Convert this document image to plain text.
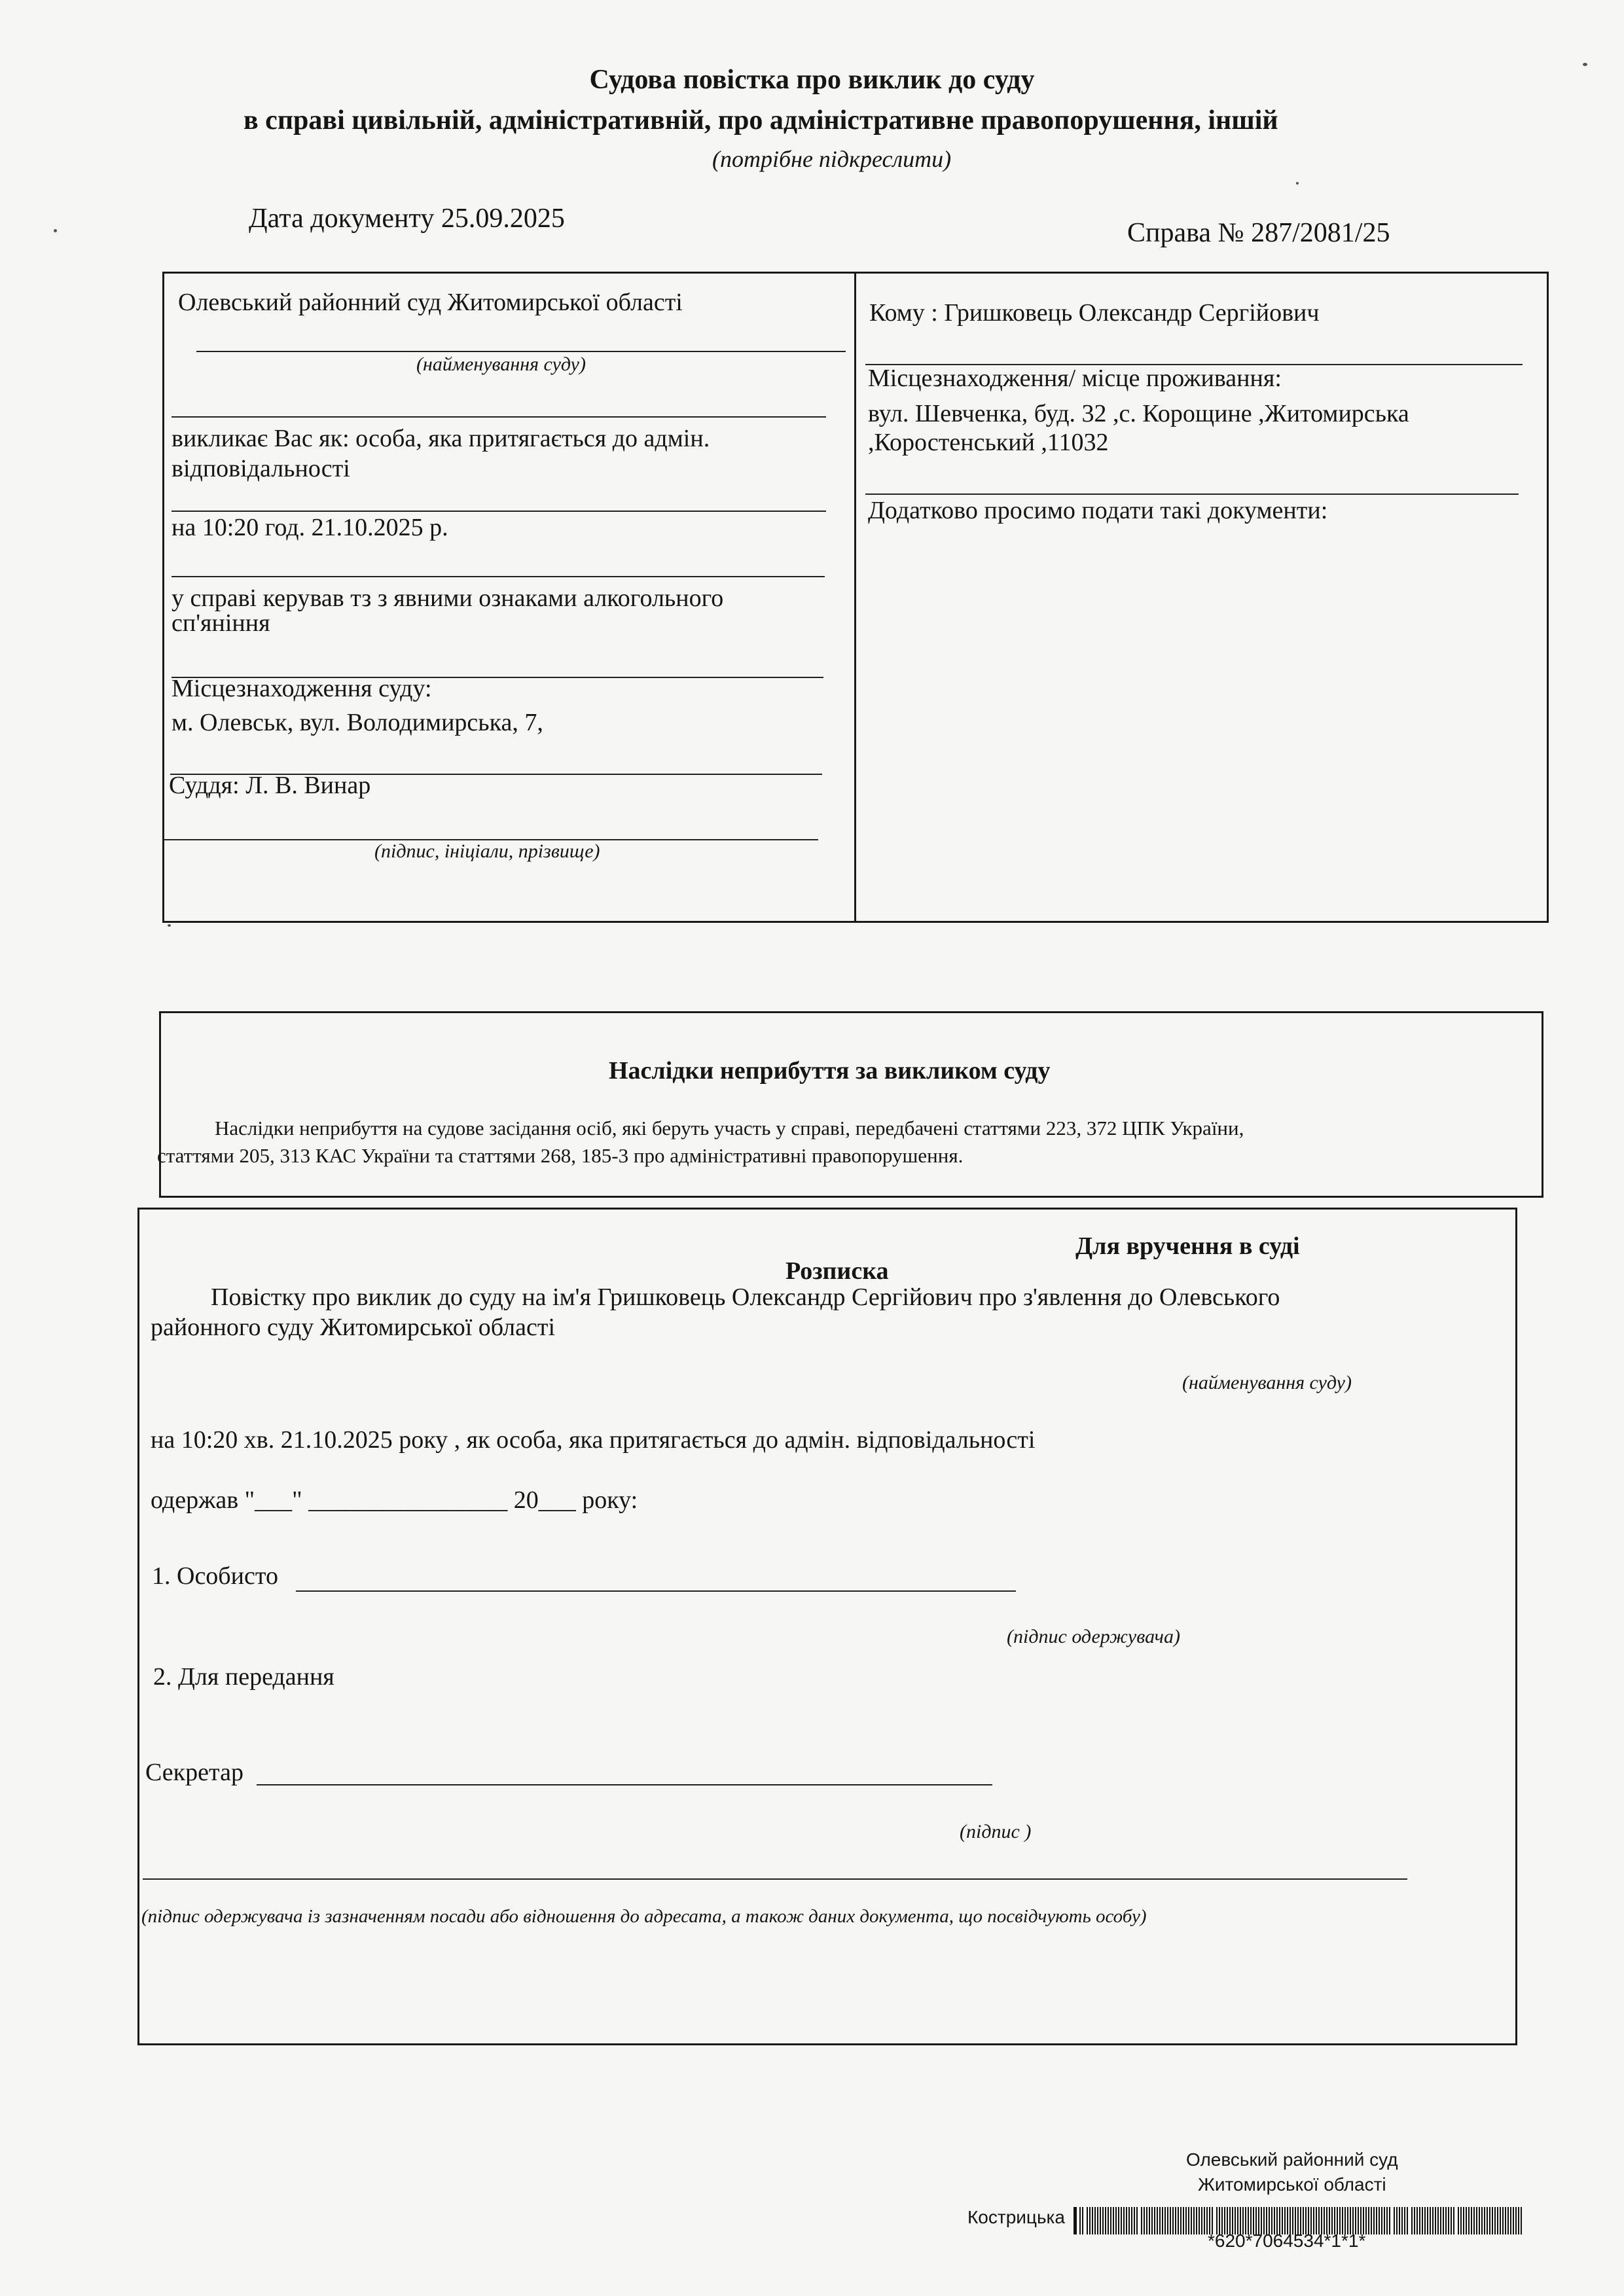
Судова повістка про виклик до суду
в справі цивільній, адміністративній, про адміністративне правопорушення, іншій
(потрібне підкреслити)
Дата документу 25.09.2025	Справа № 287/2081/25
Олевський районний суд Житомирської області
(найменування суду)
викликає Вас як: особа, яка притягається до адмін.
відповідальності
на 10:20 год. 21.10.2025 р.
у справі керував тз з явними ознаками алкогольного
сп'яніння
Місцезнаходження суду:
м. Олевськ, вул. Володимирська, 7,
Суддя: Л. В. Винар
(підпис, ініціали, прізвище)
Кому : Гришковець Олександр Сергійович
Місцезнаходження/ місце проживання:
вул. Шевченка, буд. 32 ,с. Корощине ,Житомирська
,Коростенський ,11032
Додатково просимо подати такі документи:
Наслідки неприбуття за викликом суду
Наслідки неприбуття на судове засідання осіб, які беруть участь у справі, передбачені статтями 223, 372 ЦПК України,
статтями 205, 313 КАС України та статтями 268, 185-3 про адміністративні правопорушення.
Для вручення в суді
Розписка
Повістку про виклик до суду на ім'я Гришковець Олександр Сергійович про з'явлення до Олевського
районного суду Житомирської області
(найменування суду)
на 10:20 хв. 21.10.2025 року , як особа, яка притягається до адмін. відповідальності
одержав "___" ________________ 20___ року:
1. Особисто
(підпис одержувача)
2. Для передання
Секретар
(підпис )
(підпис одержувача із зазначенням посади або відношення до адресата, а також даних документа, що посвідчують особу)
Олевський районний суд
Житомирської області
Кострицька
*620*7064534*1*1*
